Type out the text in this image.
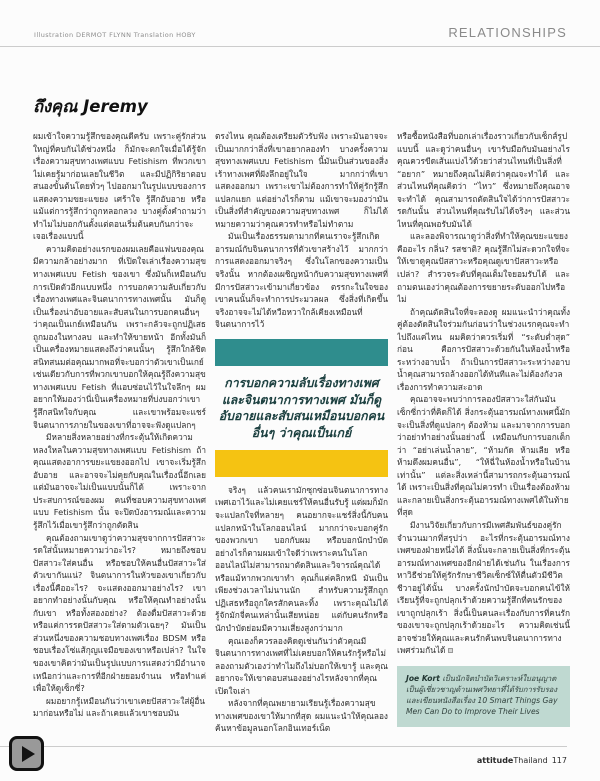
Illustration DERMOT FLYNN Translation HOBY	RELATIONSHIPS
ถึงคุณ Jeremy

ผมเข้าใจความรู้สึกของคุณดีครับ เพราะคู่รักส่วนใหญ่ที่คบกันได้ช่วงหนึ่ง ก็มักจะตกใจเมื่อได้รู้จักเรื่องความสุขทางเพศแบบ Fetishism ที่พวกเขาไม่เคยรู้มาก่อนเลยในชีวิต และมีปฏิกิริยาตอบสนองขั้นต้นโดยทั่วๆ ไปออกมาในรูปแบบของการแสดงความขยะแขยง เศร้าใจ รู้สึกอับอาย หรือแม้แต่การรู้สึกว่าถูกหลอกลวง บางคู่ตั้งคำถามว่าทำไมไม่บอกกันตั้งแต่ตอนเริ่มต้นคบกันกว่าจะเจอเรื่องแบบนี้

ความคิดอย่างแรกของผมเลยคือแฟนของคุณมีความกล้าอย่างมาก ที่เปิดใจเล่าเรื่องความสุขทางเพศแบบ Fetish ของเขา ซึ่งมันก็เหมือนกับการเปิดตัวอีกแบบหนึ่ง การบอกความลับเกี่ยวกับเรื่องทางเพศและจินตนาการทางเพศนั้น มันก็ดูเป็นเรื่องน่าอับอายและสับสนในการบอกคนอื่นๆ ว่าคุณเป็นเกย์เหมือนกัน เพราะกลัวจะถูกปฏิเสธ ถูกมองในทางลบ และทำให้ขายหน้า อีกทั้งมันก็เป็นเครื่องหมายแสดงถึงว่าคนนั้นๆ รู้สึกใกล้ชิดสนิทสนมต่อคุณมากพอที่จะบอกว่าตัวเขาเป็นเกย์ เช่นเดียวกับการที่พวกเขาบอกให้คุณรู้ถึงความสุขทางเพศแบบ Fetish ที่แอบซ่อนไว้ในใจลึกๆ ผมอยากให้มองว่านี่เป็นเครื่องหมายที่บ่งบอกว่าเขารู้สึกสนิทใจกับคุณ และเขาพร้อมจะแชร์จินตนาการภายในของเขาที่อาจจะฟังดูแปลกๆ

มีหลายสิ่งหลายอย่างที่กระตุ้นให้เกิดความหลงใหลในความสุขทางเพศแบบ Fetishism ถ้าคุณแสดงอาการขยะแขยงออกไป เขาจะเริ่มรู้สึกอับอาย และอาจจะไม่คุยกับคุณในเรื่องนี้อีกเลย แต่มันอาจจะไม่เป็นแบบนั้นก็ได้ เพราะจากประสบการณ์ของผม คนที่ชอบความสุขทางเพศแบบ Fetishism นั้น จะปิดบังอารมณ์และความรู้สึกไว้เมื่อเขารู้สึกว่าถูกตัดสิน

คุณต้องถามเขาดูว่าความสุขจากการปัสสาวะรดใส่นั้นหมายความว่าอะไร? หมายถึงชอบปัสสาวะใส่คนอื่น หรือชอบให้คนอื่นปัสสาวะใส่ตัวเขากันแน่? จินตนาการในหัวของเขาเกี่ยวกับเรื่องนี้คืออะไร? จะแสดงออกมาอย่างไร? เขาอยากทำอย่างนั้นกับคุณ หรือให้คุณทำอย่างนั้นกับเขา หรือทั้งสองอย่าง? ต้องดื่มปัสสาวะด้วยหรือแค่การรดปัสสาวะใส่ตามตัวเฉยๆ? มันเป็นส่วนหนึ่งของความชอบทางเพศเรื่อง BDSM หรือชอบเรื่องโซ่แส้กุญแจมือของเขาหรือเปล่า? ในใจของเขาคิดว่ามันเป็นรูปแบบการแสดงว่ามีอำนาจเหนือกว่าและการที่อีกฝ่ายยอมจำนน หรือทำแค่เพื่อให้ดูเซ็กซี่?

ผมอยากรู้เหมือนกันว่าเขาเคยปัสสาวะใส่ผู้อื่นมาก่อนหรือไม่ และถ้าเคยแล้วเขาชอบมัน

ตรงไหน คุณต้องเตรียมตัวรับฟัง เพราะมันอาจจะเป็นมากกว่าสิ่งที่เขาอยากลองทำ บางครั้งความสุขทางเพศแบบ Fetishism นี้มันเป็นส่วนของสิ่งเร้าทางเพศที่ฝังลึกอยู่ในใจ มากกว่าที่เขาแสดงออกมา เพราะเขาไม่ต้องการทำให้คู่รักรู้สึกแปลกแยก แต่อย่างไรก็ตาม แม้เขาจะมองว่ามันเป็นสิ่งที่สำคัญของความสุขทางเพศ ก็ไม่ได้หมายความว่าคุณควรทำหรือไม่ทำตาม

มันเป็นเรื่องธรรมดามากที่คนเราจะรู้สึกเกิดอารมณ์กับจินตนาการที่ตัวเขาสร้างไว้ มากกว่าการแสดงออกมาจริงๆ ซึ่งในโลกของความเป็นจริงนั้น หากต้องเผชิญหน้ากับความสุขทางเพศที่มีการปัสสาวะเข้ามาเกี่ยวข้อง ตรรกะในใจของเขาคนนั้นก็จะทำการประมวลผล ซึ่งสิ่งที่เกิดขึ้นจริงอาจจะไม่ได้หวือหวาใกล้เคียงเหมือนที่จินตนาการไว้

การบอกความลับเรื่องทางเพศ และจินตนาการทางเพศ มันก็ดูอับอายและสับสนเหมือนบอกคนอื่นๆ ว่าคุณเป็นเกย์

จริงๆ แล้วคนเรามักซุกซ่อนจินตนาการทางเพศเอาไว้และไม่เคยแชร์ให้คนอื่นรับรู้ แต่ผมก็มักจะแปลกใจที่หลายๆ คนอยากจะแชร์สิ่งนี้กับคนแปลกหน้าในโลกออนไลน์ มากกว่าจะบอกคู่รักของพวกเขา บอกกับผม หรือบอกนักบำบัด อย่างไรก็ตามผมเข้าใจดีว่าเพราะคนในโลกออนไลน์ไม่สามารถมาตัดสินและวิจารณ์คุณได้ หรือแม้หากพวกเขาทำ คุณก็แค่คลิกหนี มันเป็นเพียงช่วงเวลาไม่นานนัก สำหรับความรู้สึกถูกปฏิเสธหรือถูกใครสักคนละทิ้ง เพราะคุณไม่ได้รู้จักมักจี่คนเหล่านั้นเสียหน่อย แต่กับคนรักหรือนักบำบัดย่อมมีความเสี่ยงสูงกว่ามาก

คุณเองก็ควรลองคิดดูเช่นกันว่าตัวคุณมีจินตนาการทางเพศที่ไม่เคยบอกให้คนรักรู้หรือไม่ ลองถามตัวเองว่าทำไมถึงไม่บอกให้เขารู้ และคุณอยากจะให้เขาตอบสนองอย่างไรหลังจากที่คุณเปิดใจเล่า

หลังจากที่คุณพยายามเรียนรู้เรื่องความสุขทางเพศของเขาให้มากที่สุด ผมแนะนำให้คุณลองค้นหาข้อมูลนอกโลกอินเทอร์เน็ต

หรือซื้อหนังสือที่บอกเล่าเรื่องราวเกี่ยวกับเซ็กส์รูปแบบนี้ และดูว่าคนอื่นๆ เขารับมือกับมันอย่างไร คุณควรขีดเส้นแบ่งไว้ด้วยว่าส่วนไหนที่เป็นสิ่งที่ “อยาก” หมายถึงคุณไม่คิดว่าคุณจะทำได้ และส่วนไหนที่คุณคิดว่า “ไหว” ซึ่งหมายถึงคุณอาจจะทำได้ คุณสามารถตัดสินใจได้ว่าการปัสสาวะรดกันนั้น ส่วนไหนที่คุณรับไม่ได้จริงๆ และส่วนไหนที่คุณพอรับมันได้

และลองพิจารณาดูว่าสิ่งที่ทำให้คุณขยะแขยงคืออะไร กลิ่น? รสชาติ? คุณรู้สึกไม่สะดวกใจที่จะให้เขาดูคุณปัสสาวะหรือคุณดูเขาปัสสาวะหรือเปล่า? สำรวจระดับที่คุณเต็มใจยอมรับได้ และถามตนเองว่าคุณต้องการขยายระดับออกไปหรือไม่

ถ้าคุณตัดสินใจที่จะลองดู ผมแนะนำว่าคุณทั้งคู่ต้องตัดสินใจร่วมกันก่อนว่าในช่วงแรกคุณจะทำไปถึงแค่ไหน ผมคิดว่าควรเริ่มที่ “ระดับต่ำสุด” ก่อน คือการปัสสาวะด้วยกันในห้องน้ำหรือระหว่างอาบน้ำ ถ้าเป็นการปัสสาวะระหว่างอาบน้ำคุณสามารถล้างออกได้ทันทีและไม่ต้องกังวลเรื่องการทำความสะอาด

คุณอาจจะพบว่าการลองปัสสาวะใส่กันมันเซ็กซี่กว่าที่คิดก็ได้ สิ่งกระตุ้นอารมณ์ทางเพศนี้มักจะเป็นสิ่งที่ดูแปลกๆ ต้องห้าม และมาจากการบอกว่าอย่าทำอย่างนั้นอย่างนี้ เหมือนกับการบอกเด็กว่า “อย่าเล่นน้ำลาย”, “ห้ามกัด ห้ามเลีย หรือห้ามดึงผมคนอื่น”, “ให้ฉี่ในห้องน้ำหรือในบ้านเท่านั้น” แต่ละสิ่งเหล่านี้สามารถกระตุ้นอารมณ์ได้ เพราะเป็นสิ่งที่คุณไม่ควรทำ เป็นเรื่องต้องห้าม และกลายเป็นสิ่งกระตุ้นอารมณ์ทางเพศได้ในท้ายที่สุด

มีงานวิจัยเกี่ยวกับการมีเพศสัมพันธ์ของคู่รักจำนวนมากที่สรุปว่า อะไรที่กระตุ้นอารมณ์ทางเพศของฝ่ายหนึ่งได้ สิ่งนั้นจะกลายเป็นสิ่งที่กระตุ้นอารมณ์ทางเพศของอีกฝ่ายได้เช่นกัน ในเรื่องการหาวิธีช่วยให้คู่รักรักษาชีวิตเซ็กซ์ให้ตื่นตัวมีชีวิตชีวาอยู่ได้นั้น บางครั้งนักบำบัดจะบอกคนไข้ให้เรียนรู้ที่จะถูกปลุกเร้าด้วยความรู้สึกที่คนรักของเขาถูกปลุกเร้า สิ่งนี้เป็นคนละเรื่องกับการที่คนรักของเขาจะถูกปลุกเร้าด้วยอะไร ความคิดเช่นนี้อาจช่วยให้คุณและคนรักค้นพบจินตนาการทางเพศร่วมกันได้

Joe Kort เป็นนักจิตบำบัดวิเคราะห์ใบอนุญาต เป็นผู้เชี่ยวชาญด้านเพศวิทยาที่ได้รับการรับรอง และเขียนหนังสือเรื่อง 10 Smart Things Gay Men Can Do to Improve Their Lives
attitudeThailand 117
